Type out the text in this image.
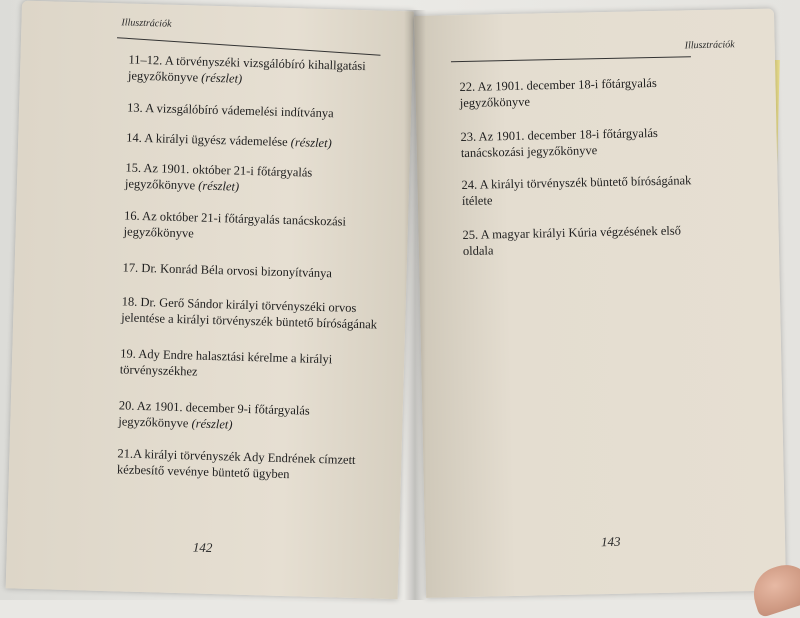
Illusztrációk
11–12. A törvényszéki vizsgálóbíró kihallgatási jegyzőkönyve (részlet)
13. A vizsgálóbíró vádemelési indítványa
14. A királyi ügyész vádemelése (részlet)
15. Az 1901. október 21-i főtárgyalás jegyzőkönyve (részlet)
16. Az október 21-i főtárgyalás tanácskozási jegyzőkönyve
17. Dr. Konrád Béla orvosi bizonyítványa
18. Dr. Gerő Sándor királyi törvényszéki orvos jelentése a királyi törvényszék büntető bíróságának
19. Ady Endre halasztási kérelme a királyi törvényszékhez
20. Az 1901. december 9-i főtárgyalás jegyzőkönyve (részlet)
21.A királyi törvényszék Ady Endrének címzett kézbesítő vevénye büntető ügyben
142
Illusztrációk
22. Az 1901. december 18-i főtárgyalás jegyzőkönyve
23. Az 1901. december 18-i főtárgyalás tanácskozási jegyzőkönyve
24. A királyi törvényszék büntető bíróságának ítélete
25. A magyar királyi Kúria végzésének első oldala
143
